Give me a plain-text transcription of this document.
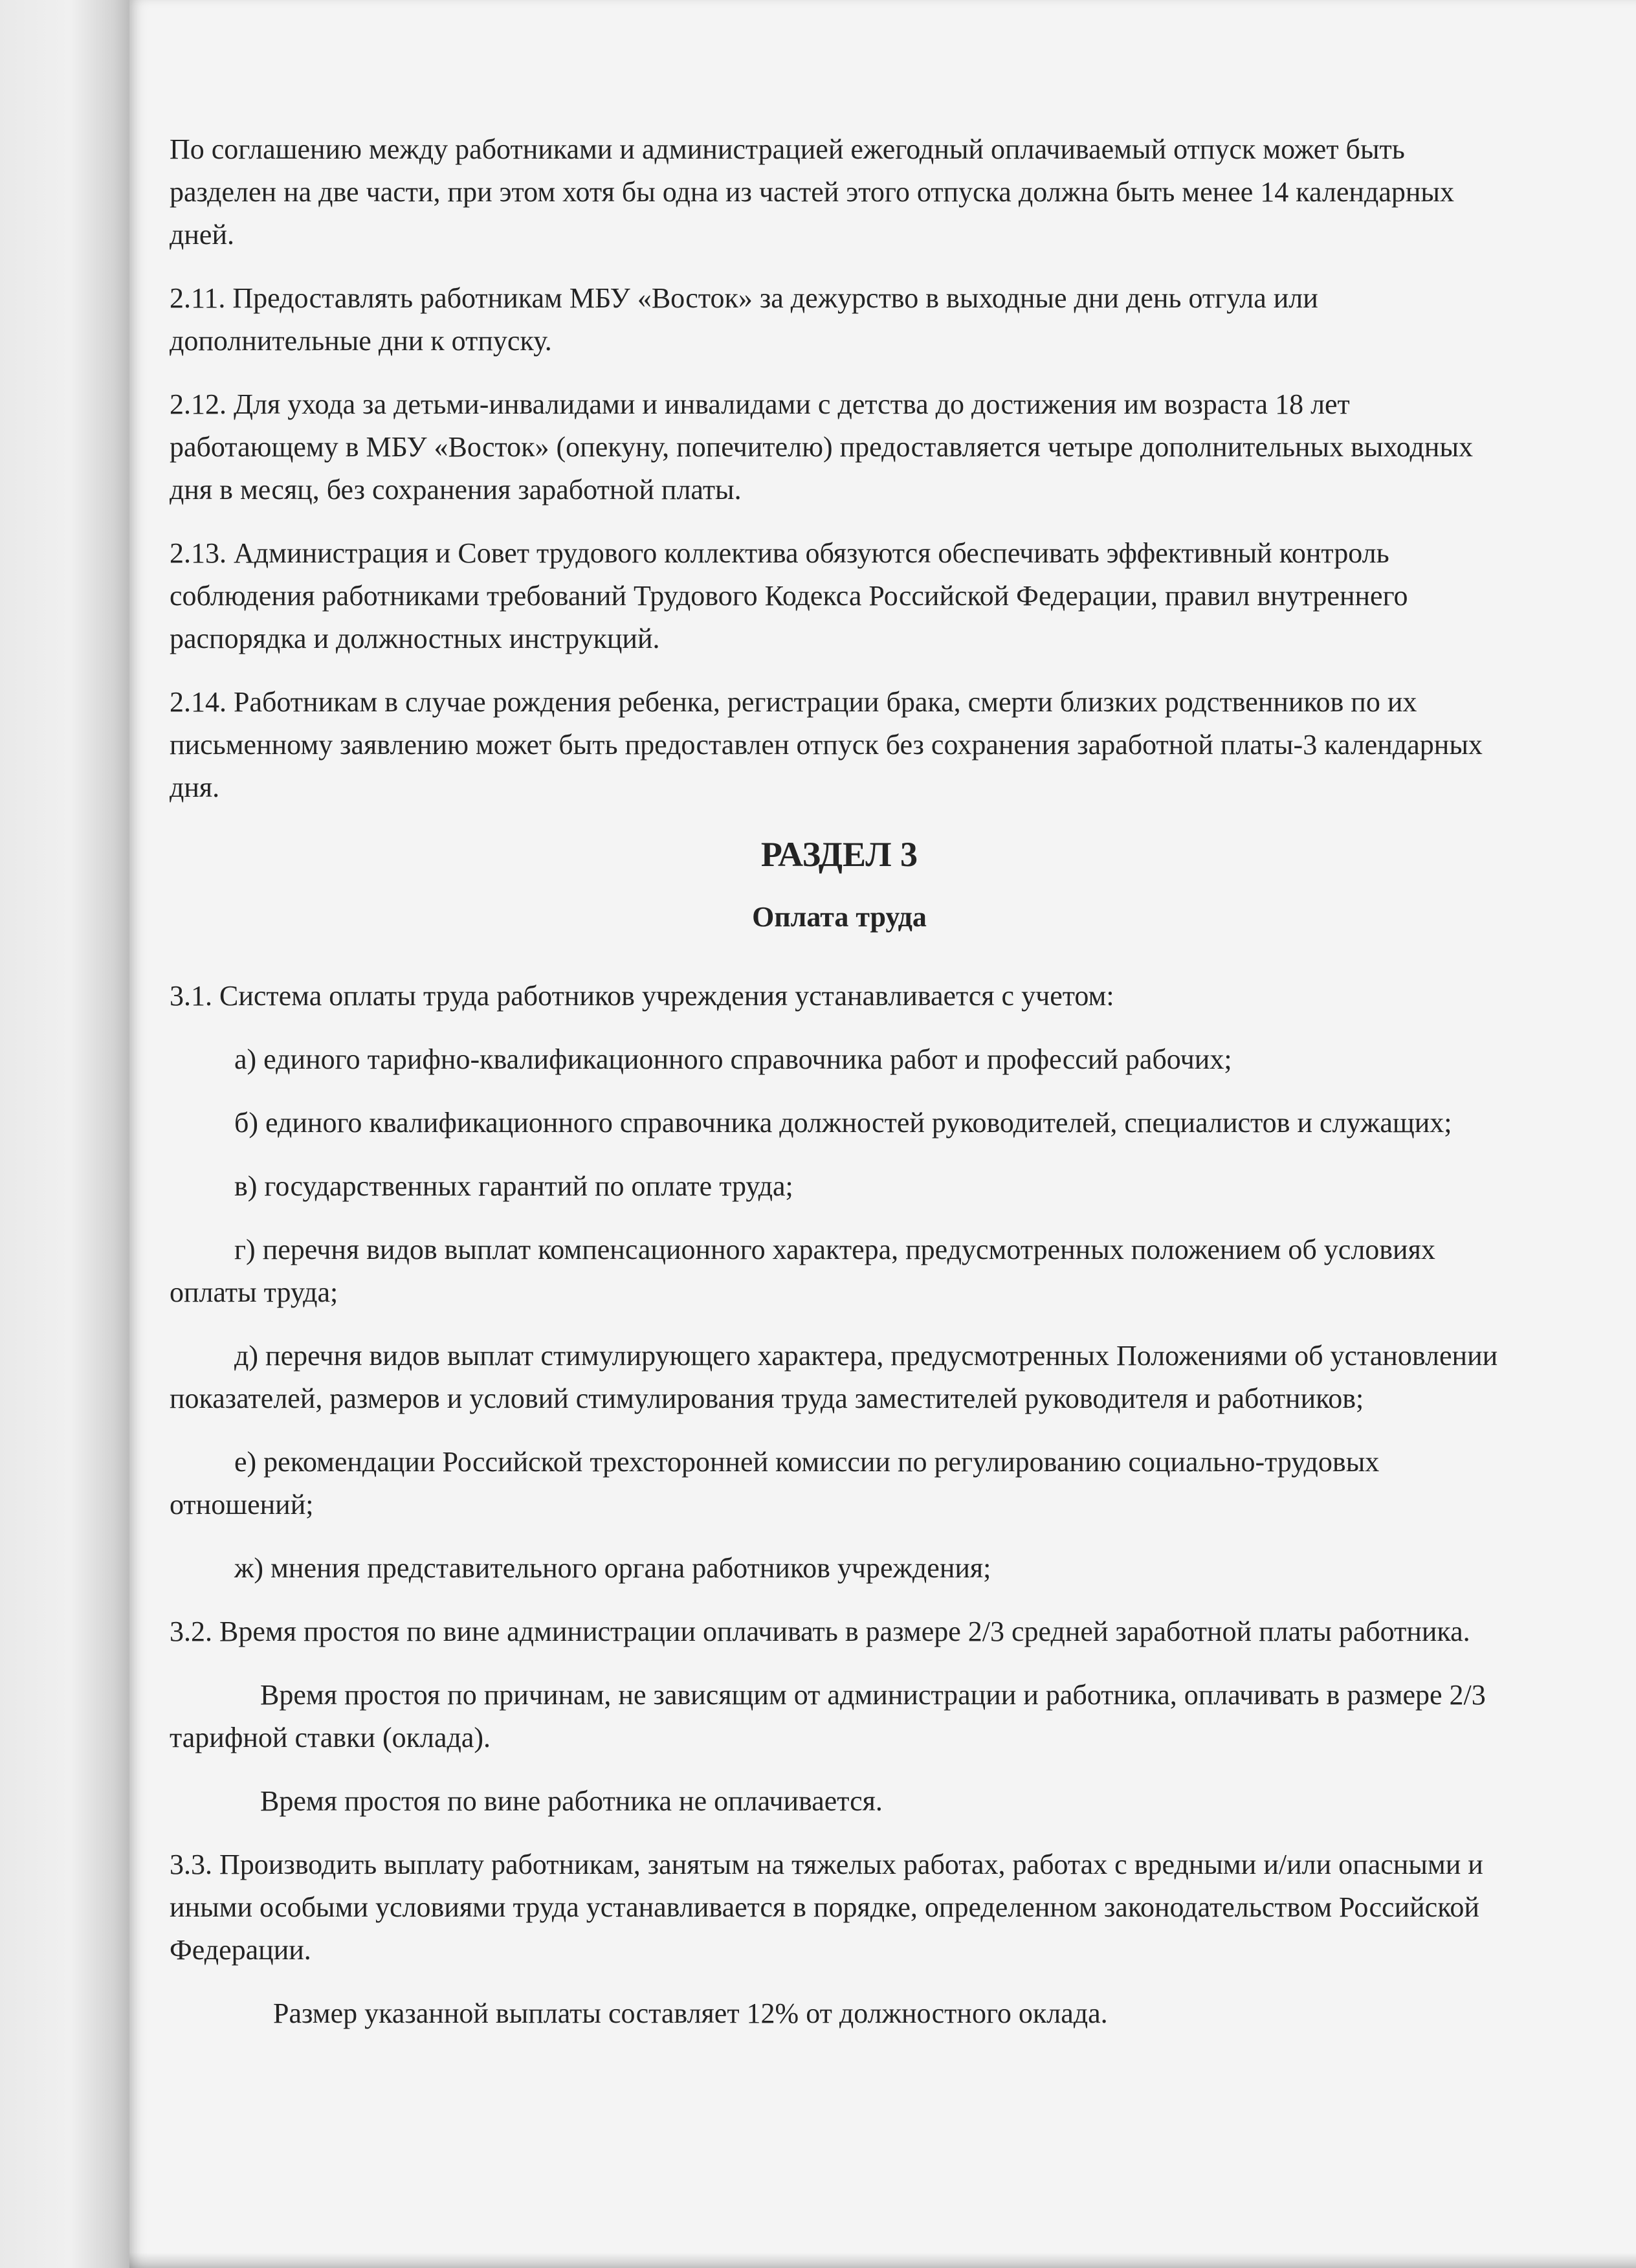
По соглашению между работниками и администрацией ежегодный оплачиваемый отпуск может быть разделен на две части, при этом хотя бы одна из частей этого отпуска должна быть менее 14 календарных дней.

2.11. Предоставлять работникам МБУ «Восток» за дежурство в выходные дни день отгула или дополнительные дни к отпуску.

2.12. Для ухода за детьми-инвалидами и инвалидами с детства до достижения им возраста 18 лет работающему в МБУ «Восток» (опекуну, попечителю) предоставляется четыре дополнительных выходных дня в месяц, без сохранения заработной платы.

2.13. Администрация и Совет трудового коллектива обязуются обеспечивать эффективный контроль соблюдения работниками требований Трудового Кодекса Российской Федерации, правил внутреннего распорядка и должностных инструкций.

2.14. Работникам в случае рождения ребенка, регистрации брака, смерти близких родственников по их письменному заявлению может быть предоставлен отпуск без сохранения заработной платы-3 календарных дня.

РАЗДЕЛ 3
Оплата труда

3.1. Система оплаты труда работников учреждения устанавливается с учетом:

а) единого тарифно-квалификационного справочника работ и профессий рабочих;

б) единого квалификационного справочника должностей руководителей, специалистов и служащих;

в) государственных гарантий по оплате труда;

г) перечня видов выплат компенсационного характера, предусмотренных положением об условиях оплаты труда;

д) перечня видов выплат стимулирующего характера, предусмотренных Положениями об установлении показателей, размеров и условий стимулирования труда заместителей руководителя и работников;

е) рекомендации Российской трехсторонней комиссии по регулированию социально-трудовых отношений;

ж) мнения представительного органа работников учреждения;

3.2. Время простоя по вине администрации оплачивать в размере 2/3 средней заработной платы работника.

Время простоя по причинам, не зависящим от администрации и работника, оплачивать в размере 2/3 тарифной ставки (оклада).

Время простоя по вине работника не оплачивается.

3.3. Производить выплату работникам, занятым на тяжелых работах, работах с вредными и/или опасными и иными особыми условиями труда устанавливается в порядке, определенном законодательством Российской Федерации.

Размер указанной выплаты составляет 12% от должностного оклада.
